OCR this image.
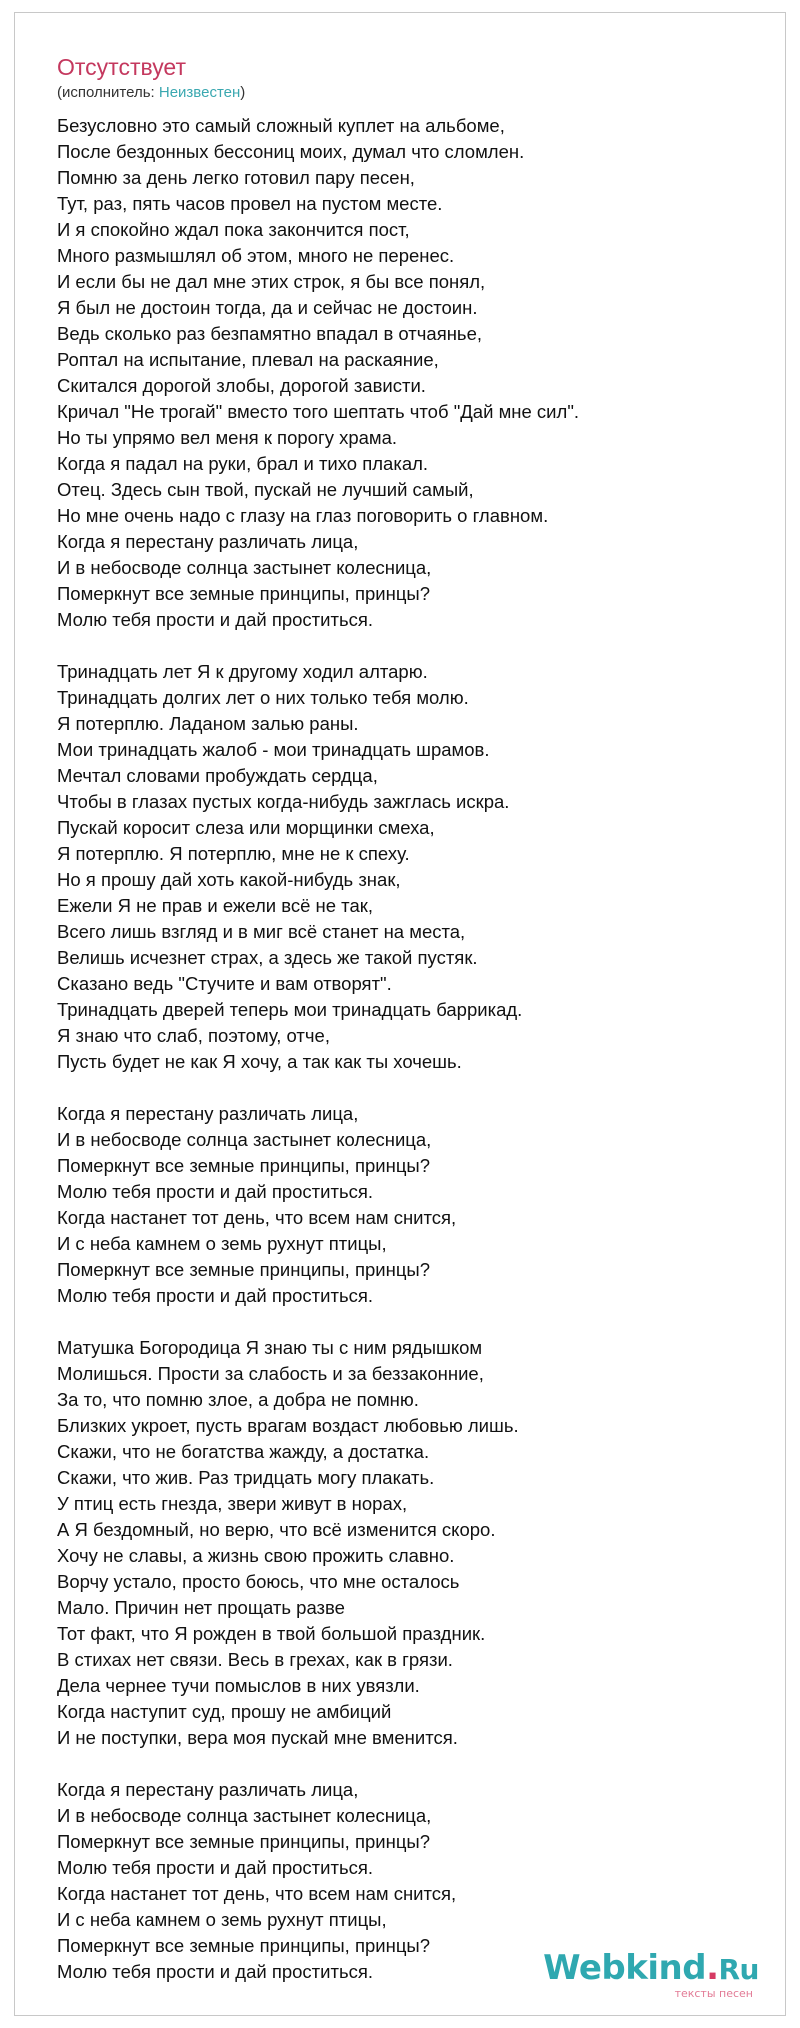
Отсутствует
(исполнитель: Неизвестен)
Безусловно это самый сложный куплет на альбоме,
После бездонных бессониц моих, думал что сломлен.
Помню за день легко готовил пару песен,
Тут, раз, пять часов провел на пустом месте.
И я спокойно ждал пока закончится пост,
Много размышлял об этом, много не перенес.
И если бы не дал мне этих строк, я бы все понял,
Я был не достоин тогда, да и сейчас не достоин.
Ведь сколько раз безпамятно впадал в отчаянье,
Роптал на испытание, плевал на раскаяние,
Скитался дорогой злобы, дорогой зависти.
Кричал "Не трогай" вместо того шептать чтоб "Дай мне сил".
Но ты упрямо вел меня к порогу храма.
Когда я падал на руки, брал и тихо плакал.
Отец. Здесь сын твой, пускай не лучший самый,
Но мне очень надо с глазу на глаз поговорить о главном.
Когда я перестану различать лица,
И в небосводе солнца застынет колесница,
Померкнут все земные принципы, принцы?
Молю тебя прости и дай проститься.
Тринадцать лет Я к другому ходил алтарю.
Тринадцать долгих лет о них только тебя молю.
Я потерплю. Ладаном залью раны.
Мои тринадцать жалоб - мои тринадцать шрамов.
Мечтал словами пробуждать сердца,
Чтобы в глазах пустых когда-нибудь зажглась искра.
Пускай коросит слеза или морщинки смеха,
Я потерплю. Я потерплю, мне не к спеху.
Но я прошу дай хоть какой-нибудь знак,
Ежели Я не прав и ежели всё не так,
Всего лишь взгляд и в миг всё станет на места,
Велишь исчезнет страх, а здесь же такой пустяк.
Сказано ведь "Стучите и вам отворят".
Тринадцать дверей теперь мои тринадцать баррикад.
Я знаю что слаб, поэтому, отче,
Пусть будет не как Я хочу, а так как ты хочешь.
Когда я перестану различать лица,
И в небосводе солнца застынет колесница,
Померкнут все земные принципы, принцы?
Молю тебя прости и дай проститься.
Когда настанет тот день, что всем нам снится,
И с неба камнем о земь рухнут птицы,
Померкнут все земные принципы, принцы?
Молю тебя прости и дай проститься.
Матушка Богородица Я знаю ты с ним рядышком
Молишься. Прости за слабость и за беззаконние,
За то, что помню злое, а добра не помню.
Близких укроет, пусть врагам воздаст любовью лишь.
Скажи, что не богатства жажду, а достатка.
Скажи, что жив. Раз тридцать могу плакать.
У птиц есть гнезда, звери живут в норах,
А Я бездомный, но верю, что всё изменится скоро.
Хочу не славы, а жизнь свою прожить славно.
Ворчу устало, просто боюсь, что мне осталось
Мало. Причин нет прощать разве
Тот факт, что Я рожден в твой большой праздник.
В стихах нет связи. Весь в грехах, как в грязи.
Дела чернее тучи помыслов в них увязли.
Когда наступит суд, прошу не амбиций
И не поступки, вера моя пускай мне вменится.
Когда я перестану различать лица,
И в небосводе солнца застынет колесница,
Померкнут все земные принципы, принцы?
Молю тебя прости и дай проститься.
Когда настанет тот день, что всем нам снится,
И с неба камнем о земь рухнут птицы,
Померкнут все земные принципы, принцы?
Молю тебя прости и дай проститься.	Webkind.Ru
тексты песен
